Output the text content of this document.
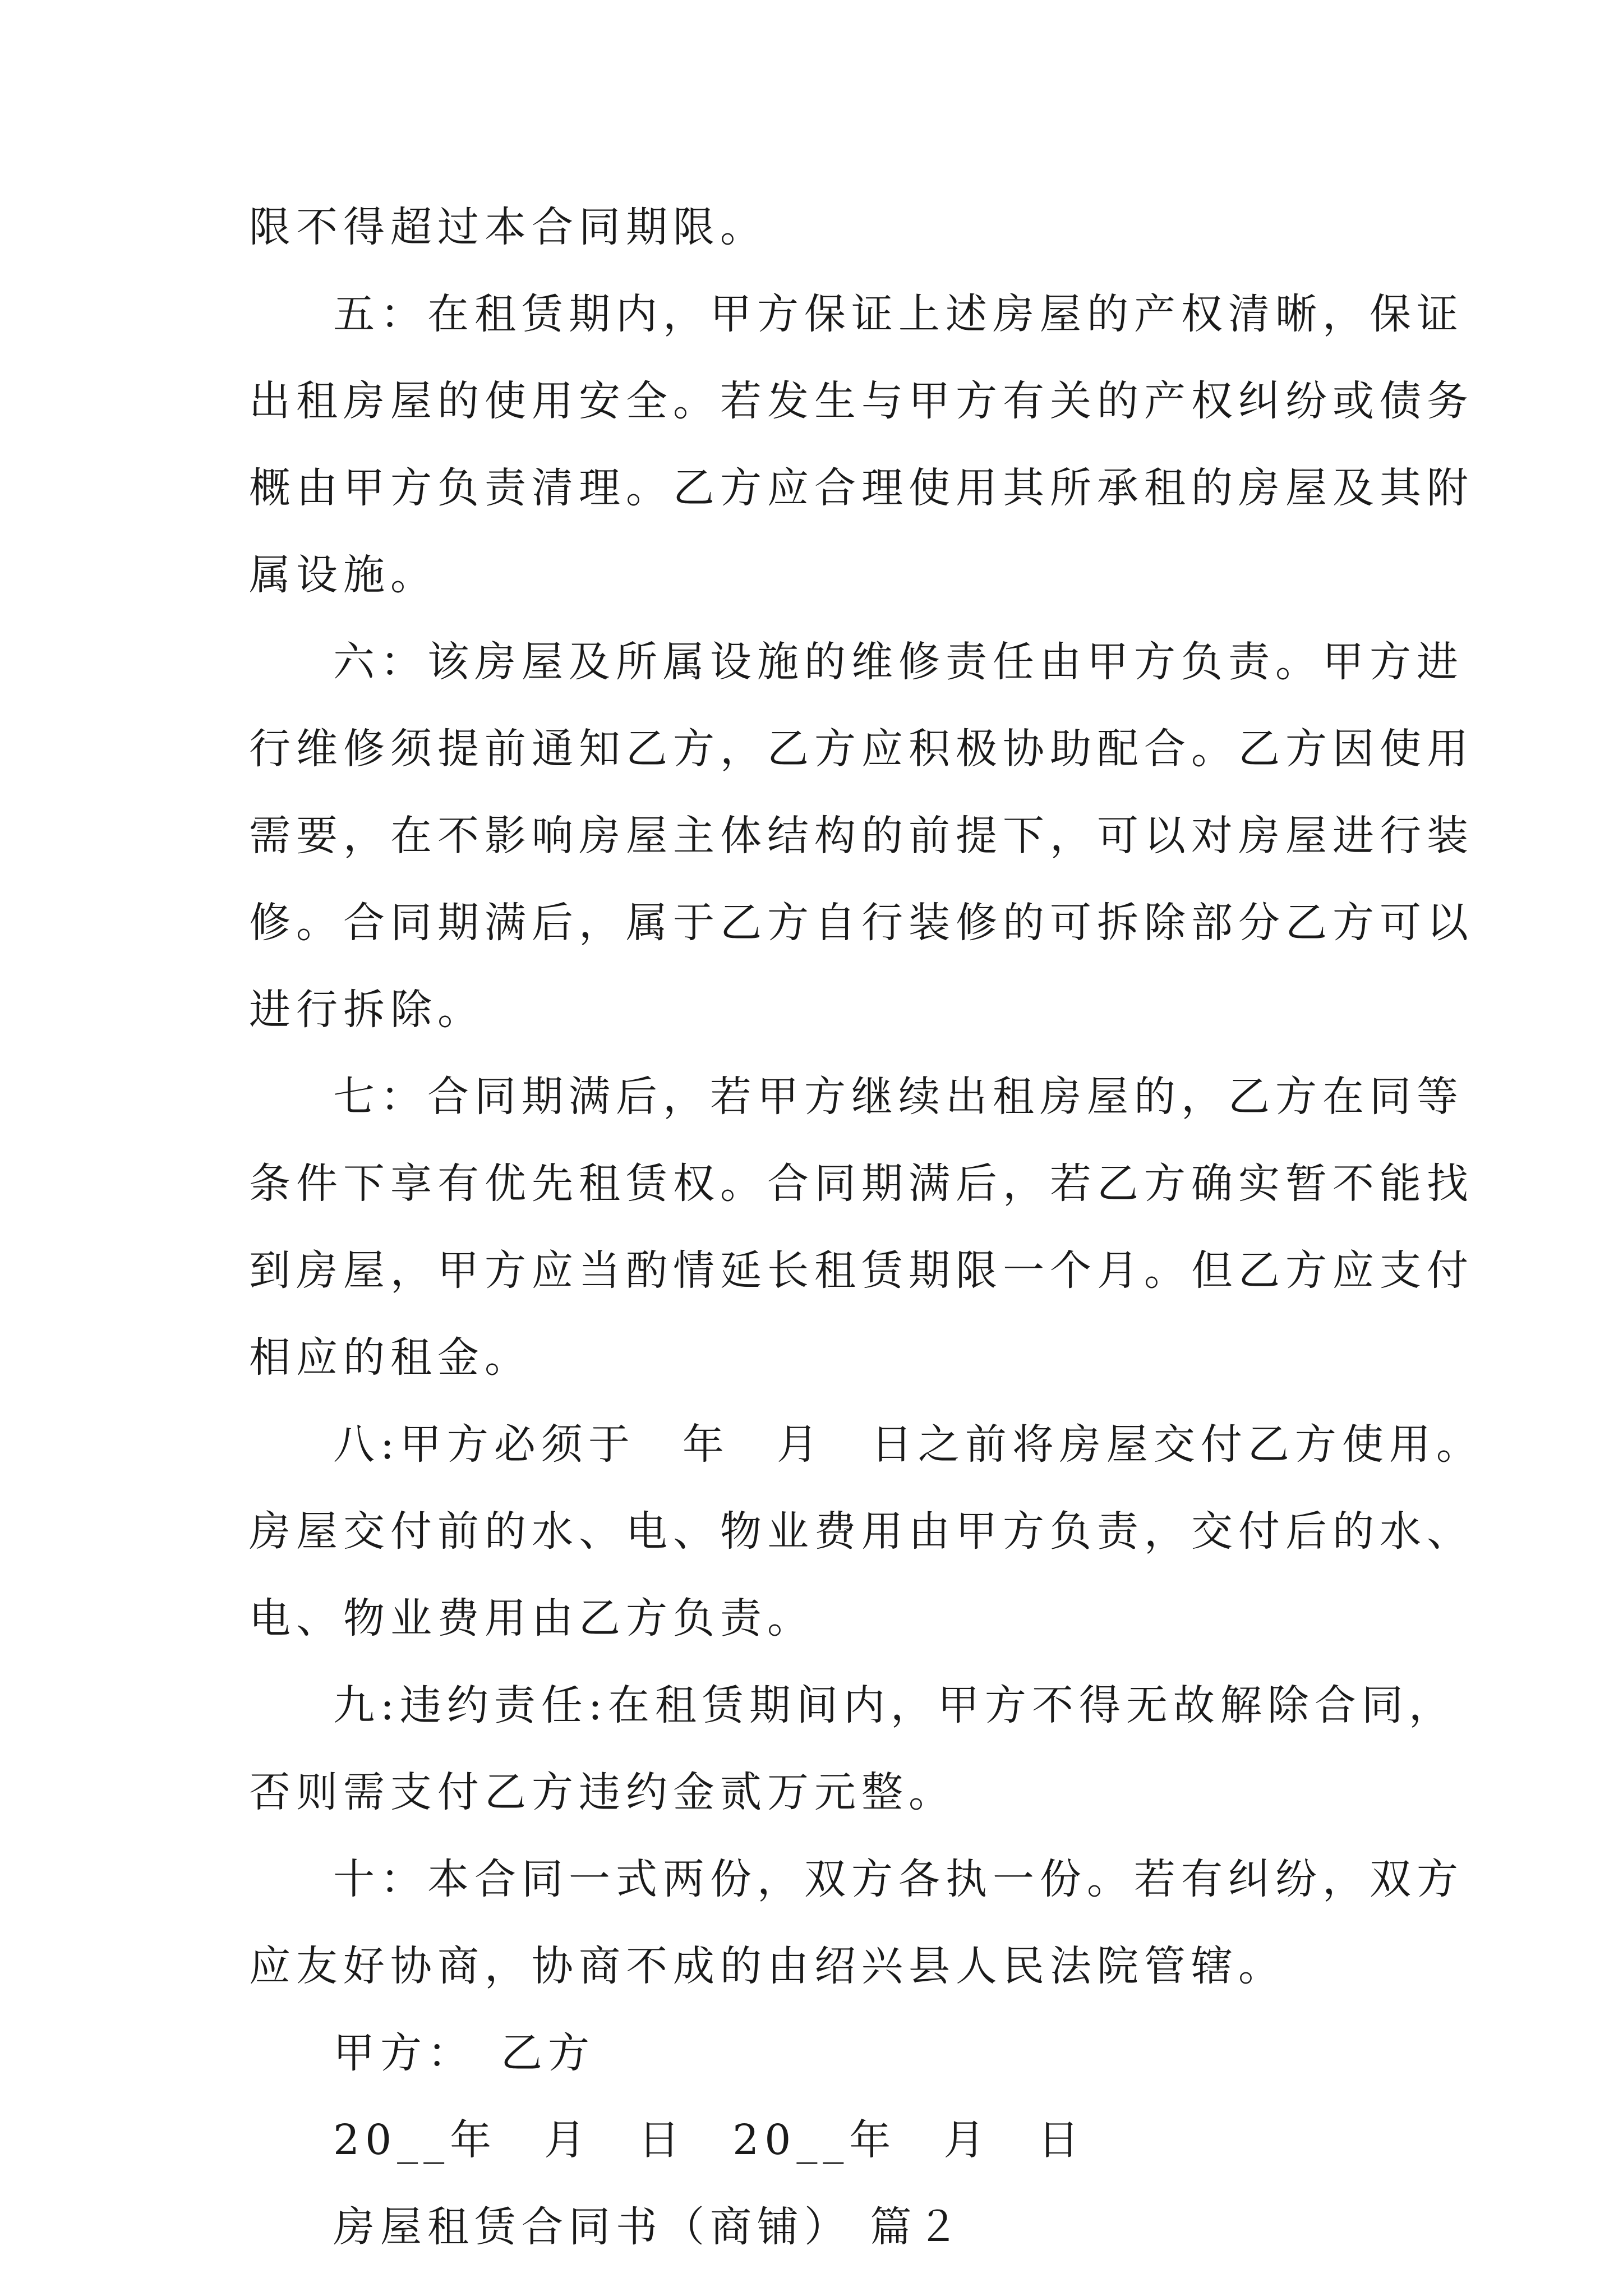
限不得超过本合同期限。
五：在租赁期内，甲方保证上述房屋的产权清晰，保证
出租房屋的使用安全。若发生与甲方有关的产权纠纷或债务
概由甲方负责清理。乙方应合理使用其所承租的房屋及其附
属设施。
六：该房屋及所属设施的维修责任由甲方负责。甲方进
行维修须提前通知乙方，乙方应积极协助配合。乙方因使用
需要，在不影响房屋主体结构的前提下，可以对房屋进行装
修。合同期满后，属于乙方自行装修的可拆除部分乙方可以
进行拆除。
七：合同期满后，若甲方继续出租房屋的，乙方在同等
条件下享有优先租赁权。合同期满后，若乙方确实暂不能找
到房屋，甲方应当酌情延长租赁期限一个月。但乙方应支付
相应的租金。
八:甲方必须于　年　月　日之前将房屋交付乙方使用。
房屋交付前的水、电、物业费用由甲方负责，交付后的水、
电、物业费用由乙方负责。
九:违约责任:在租赁期间内，甲方不得无故解除合同，
否则需支付乙方违约金贰万元整。
十：本合同一式两份，双方各执一份。若有纠纷，双方
应友好协商，协商不成的由绍兴县人民法院管辖。
甲方：　乙方
20__年　月　日　20__年　月　日
房屋租赁合同书（商铺） 篇２
